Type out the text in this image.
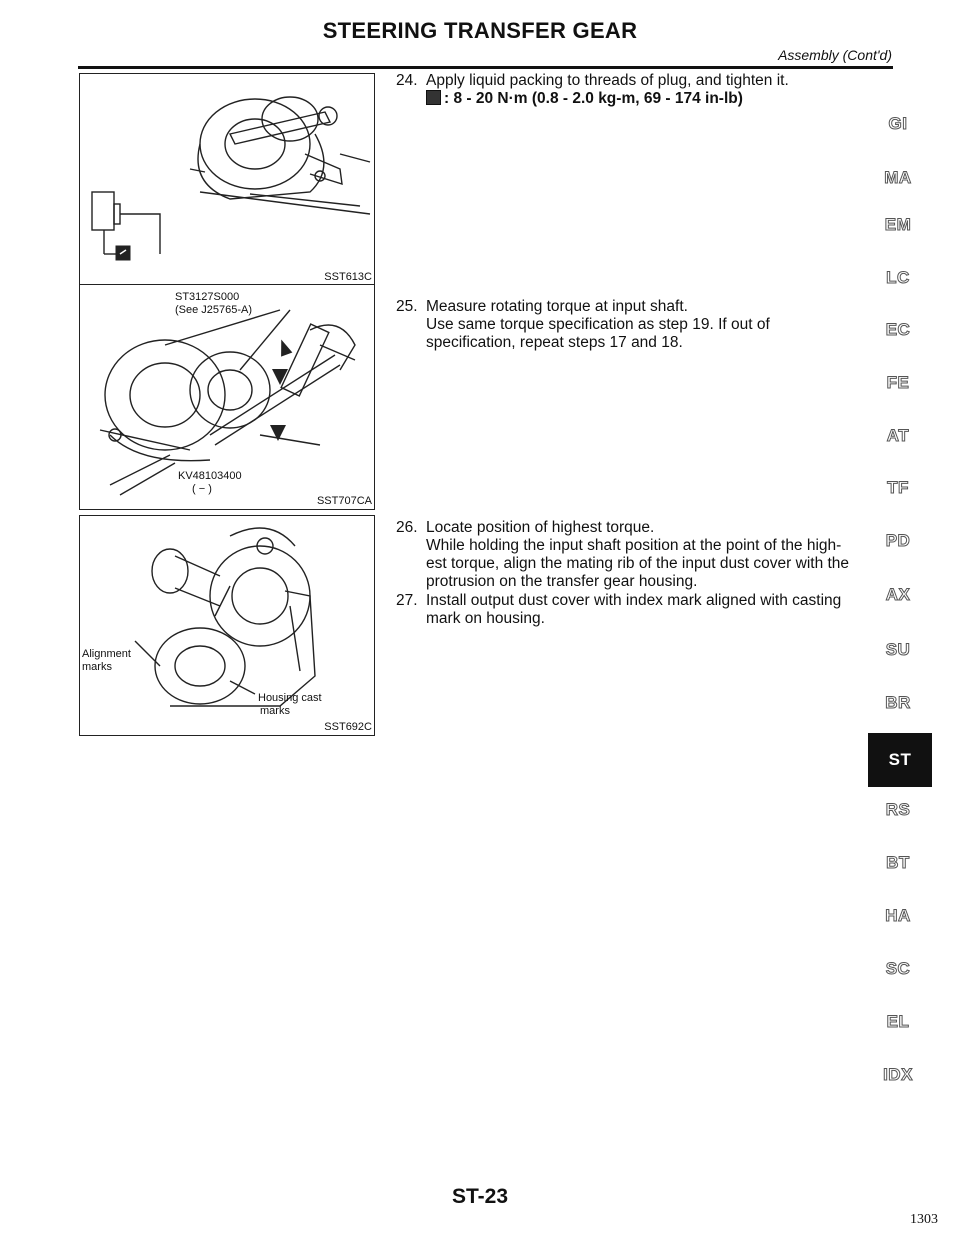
STEERING TRANSFER GEAR
Assembly (Cont'd)
SST613C
ST3127S000
(See J25765-A)
KV48103400
( − )
SST707CA
Alignment
marks
Housing cast
marks
SST692C
24. Apply liquid packing to threads of plug, and tighten it.
: 8 - 20 N·m (0.8 - 2.0 kg-m, 69 - 174 in-lb)
25. Measure rotating torque at input shaft.
Use same torque specification as step 19. If out of
specification, repeat steps 17 and 18.
26. Locate position of highest torque.
While holding the input shaft position at the point of the high-
est torque, align the mating rib of the input dust cover with the
protrusion on the transfer gear housing.
27. Install output dust cover with index mark aligned with casting
mark on housing.
GI
MA
EM
LC
EC
FE
AT
TF
PD
AX
SU
BR
ST
RS
BT
HA
SC
EL
IDX
ST-23
1303
